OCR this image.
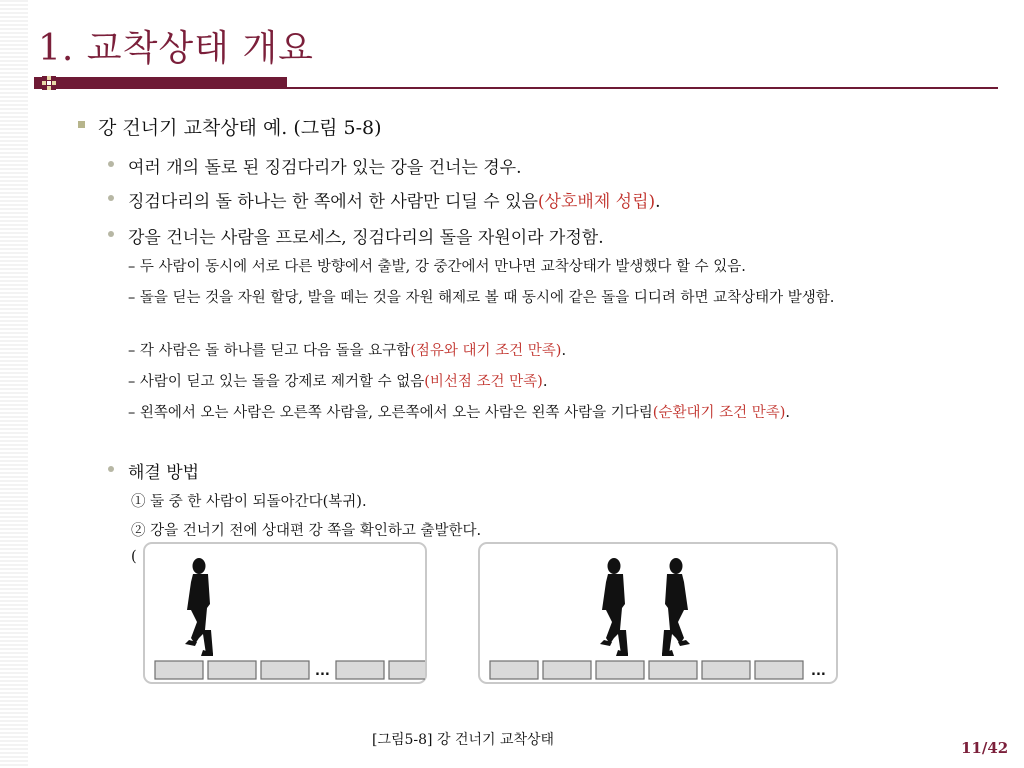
1. 교착상태 개요
강 건너기 교착상태 예. (그림 5-8)
여러 개의 돌로 된 징검다리가 있는 강을 건너는 경우.
징검다리의 돌 하나는 한 쪽에서 한 사람만 디딜 수 있음(상호배제 성립).
강을 건너는 사람을 프로세스, 징검다리의 돌을 자원이라 가정함.
– 두 사람이 동시에 서로 다른 방향에서 출발, 강 중간에서 만나면 교착상태가 발생했다 할 수 있음.
– 돌을 딛는 것을 자원 할당, 발을 떼는 것을 자원 해제로 볼 때 동시에 같은 돌을 디디려 하면 교착상태가 발생함.
– 각 사람은 돌 하나를 딛고 다음 돌을 요구함(점유와 대기 조건 만족).
– 사람이 딛고 있는 돌을 강제로 제거할 수 없음(비선점 조건 만족).
– 왼쪽에서 오는 사람은 오른쪽 사람을, 오른쪽에서 오는 사람은 왼쪽 사람을 기다림(순환대기 조건 만족).
해결 방법
① 둘 중 한 사람이 되돌아간다(복귀).
② 강을 건너기 전에 상대편 강 쪽을 확인하고 출발한다.
(
...	...
[그림5-8] 강 건너기 교착상태	11/42
